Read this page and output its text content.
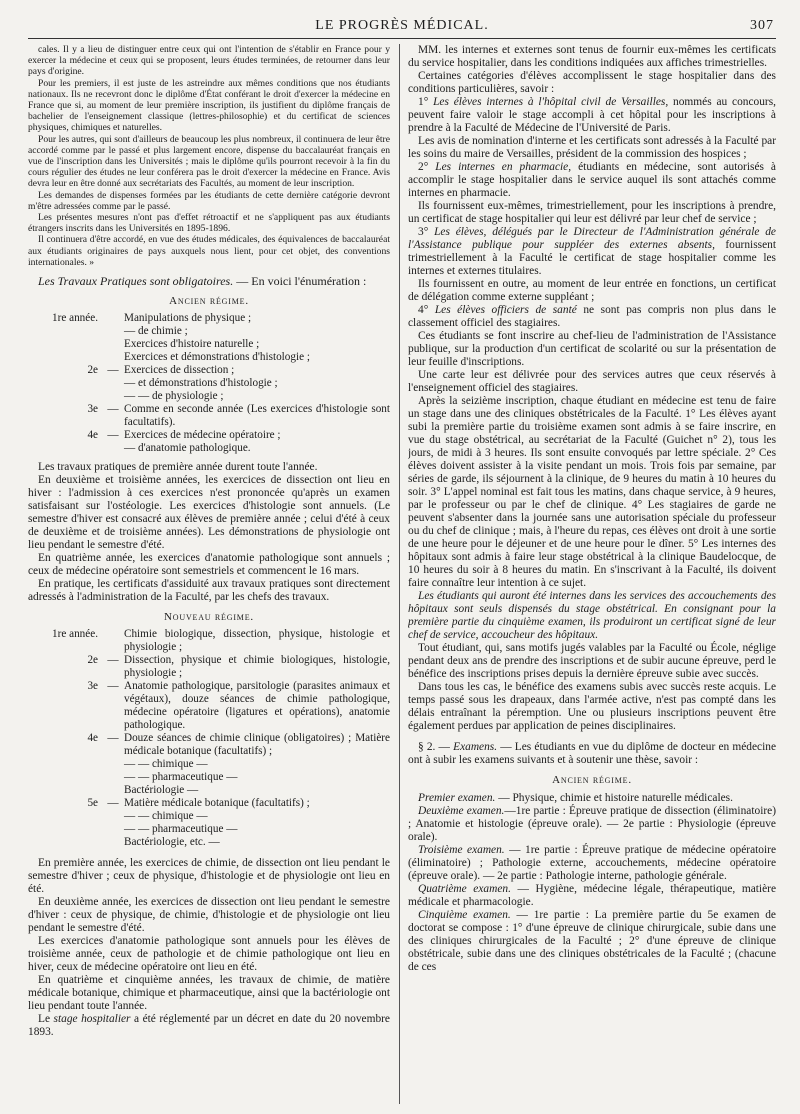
LE PROGRÈS MÉDICAL.	307

cales. Il y a lieu de distinguer entre ceux qui ont l'intention de s'établir en France pour y exercer la médecine et ceux qui se proposent, leurs études terminées, de retourner dans leur pays d'origine.

Pour les premiers, il est juste de les astreindre aux mêmes conditions que nos étudiants nationaux. Ils ne recevront donc le diplôme d'État conférant le droit d'exercer la médecine en France que si, au moment de leur première inscription, ils justifient du diplôme français de bachelier de l'enseignement classique (lettres-philosophie) et du certificat de sciences physiques, chimiques et naturelles.

Pour les autres, qui sont d'ailleurs de beaucoup les plus nombreux, il continuera de leur être accordé comme par le passé et plus largement encore, dispense du baccalauréat français en vue de l'inscription dans les Universités ; mais le diplôme qu'ils pourront recevoir à la fin du cours régulier des études ne leur conférera pas le droit d'exercer la médecine en France. Avis devra leur en être donné aux secrétariats des Facultés, au moment de leur inscription.

Les demandes de dispenses formées par les étudiants de cette dernière catégorie devront m'être adressées comme par le passé.

Les présentes mesures n'ont pas d'effet rétroactif et ne s'appliquent pas aux étudiants étrangers inscrits dans les Universités en 1895-1896.

Il continuera d'être accordé, en vue des études médicales, des équivalences de baccalauréat aux étudiants originaires de pays auxquels nous lient, pour cet objet, des conventions internationales. »

Les Travaux Pratiques sont obligatoires. — En voici l'énumération :

Ancien régime.
1re année.		Manipulations de physique ;
		— de chimie ;
		Exercices d'histoire naturelle ;
		Exercices et démonstrations d'histologie ;
2e	—	Exercices de dissection ;
		— et démonstrations d'histologie ;
		— — de physiologie ;
3e	—	Comme en seconde année (Les exercices d'histologie sont facultatifs).
4e	—	Exercices de médecine opératoire ;
		— d'anatomie pathologique.

Les travaux pratiques de première année durent toute l'année.

En deuxième et troisième années, les exercices de dissection ont lieu en hiver : l'admission à ces exercices n'est prononcée qu'après un examen satisfaisant sur l'ostéologie. Les exercices d'histologie sont annuels. (Le semestre d'hiver est consacré aux élèves de première année ; celui d'été à ceux de deuxième et de troisième années). Les démonstrations de physiologie ont lieu pendant le semestre d'été.

En quatrième année, les exercices d'anatomie pathologique sont annuels ; ceux de médecine opératoire sont semestriels et commencent le 16 mars.

En pratique, les certificats d'assiduité aux travaux pratiques sont directement adressés à l'administration de la Faculté, par les chefs des travaux.

Nouveau régime.
1re année.		Chimie biologique, dissection, physique, histologie et physiologie ;
2e	—	Dissection, physique et chimie biologiques, histologie, physiologie ;
3e	—	Anatomie pathologique, parsitologie (parasites animaux et végétaux), douze séances de chimie pathologique, médecine opératoire (ligatures et opérations), anatomie pathologique.
4e	—	Douze séances de chimie clinique (obligatoires) ; Matière médicale botanique (facultatifs) ;
		— — chimique —
		— — pharmaceutique —
		Bactériologie —
5e	—	Matière médicale botanique (facultatifs) ;
		— — chimique —
		— — pharmaceutique —
		Bactériologie, etc. —

En première année, les exercices de chimie, de dissection ont lieu pendant le semestre d'hiver ; ceux de physique, d'histologie et de physiologie ont lieu en été.

En deuxième année, les exercices de dissection ont lieu pendant le semestre d'hiver : ceux de physique, de chimie, d'histologie et de physiologie ont lieu pendant le semestre d'été.

Les exercices d'anatomie pathologique sont annuels pour les élèves de troisième année, ceux de pathologie et de chimie pathologique ont lieu en hiver, ceux de médecine opératoire ont lieu en été.

En quatrième et cinquième années, les travaux de chimie, de matière médicale botanique, chimique et pharmaceutique, ainsi que la bactériologie ont lieu pendant toute l'année.

Le stage hospitalier a été réglementé par un décret en date du 20 novembre 1893.

MM. les internes et externes sont tenus de fournir eux-mêmes les certificats du service hospitalier, dans les conditions indiquées aux affiches trimestrielles.

Certaines catégories d'élèves accomplissent le stage hospitalier dans des conditions particulières, savoir :

1° Les élèves internes à l'hôpital civil de Versailles, nommés au concours, peuvent faire valoir le stage accompli à cet hôpital pour les inscriptions à prendre à la Faculté de Médecine de l'Université de Paris.

Les avis de nomination d'interne et les certificats sont adressés à la Faculté par les soins du maire de Versailles, président de la commission des hospices ;

2° Les internes en pharmacie, étudiants en médecine, sont autorisés à accomplir le stage hospitalier dans le service auquel ils sont attachés comme internes en pharmacie.

Ils fournissent eux-mêmes, trimestriellement, pour les inscriptions à prendre, un certificat de stage hospitalier qui leur est délivré par leur chef de service ;

3° Les élèves, délégués par le Directeur de l'Administration générale de l'Assistance publique pour suppléer des externes absents, fournissent trimestriellement à la Faculté le certificat de stage hospitalier comme les internes et externes titulaires.

Ils fournissent en outre, au moment de leur entrée en fonctions, un certificat de délégation comme externe suppléant ;

4° Les élèves officiers de santé ne sont pas compris non plus dans le classement officiel des stagiaires.

Ces étudiants se font inscrire au chef-lieu de l'administration de l'Assistance publique, sur la production d'un certificat de scolarité ou sur la présentation de leur feuille d'inscriptions.

Une carte leur est délivrée pour des services autres que ceux réservés à l'enseignement officiel des stagiaires.

Après la seizième inscription, chaque étudiant en médecine est tenu de faire un stage dans une des cliniques obstétricales de la Faculté. 1° Les élèves ayant subi la première partie du troisième examen sont admis à se faire inscrire, en vue du stage obstétrical, au secrétariat de la Faculté (Guichet n° 2), tous les jours, de midi à 3 heures. Ils sont ensuite convoqués par lettre spéciale. 2° Ces élèves doivent assister à la visite pendant un mois. Trois fois par semaine, par séries de garde, ils séjournent à la clinique, de 9 heures du matin à 10 heures du soir. 3° L'appel nominal est fait tous les matins, dans chaque service, à 9 heures, par le professeur ou par le chef de clinique. 4° Les stagiaires de garde ne peuvent s'absenter dans la journée sans une autorisation spéciale du professeur ou du chef de clinique ; mais, à l'heure du repas, ces élèves ont droit à une sortie de une heure pour le déjeuner et de une heure pour le dîner. 5° Les internes des hôpitaux sont admis à faire leur stage obstétrical à la clinique Baudelocque, de 10 heures du soir à 8 heures du matin. En s'inscrivant à la Faculté, ils doivent faire connaître leur intention à ce sujet.

Les étudiants qui auront été internes dans les services des accouchements des hôpitaux sont seuls dispensés du stage obstétrical. En consignant pour la première partie du cinquième examen, ils produiront un certificat signé de leur chef de service, accoucheur des hôpitaux.

Tout étudiant, qui, sans motifs jugés valables par la Faculté ou École, néglige pendant deux ans de prendre des inscriptions et de subir aucune épreuve, perd le bénéfice des inscriptions prises depuis la dernière épreuve subie avec succès.

Dans tous les cas, le bénéfice des examens subis avec succès reste acquis. Le temps passé sous les drapeaux, dans l'armée active, n'est pas compté dans les délais entraînant la péremption. Une ou plusieurs inscriptions peuvent être également perdues par application de peines disciplinaires.

§ 2. — Examens. — Les étudiants en vue du diplôme de docteur en médecine ont à subir les examens suivants et à soutenir une thèse, savoir :

Ancien régime.

Premier examen. — Physique, chimie et histoire naturelle médicales.

Deuxième examen.—1re partie : Épreuve pratique de dissection (éliminatoire) ; Anatomie et histologie (épreuve orale). — 2e partie : Physiologie (épreuve orale).

Troisième examen. — 1re partie : Épreuve pratique de médecine opératoire (éliminatoire) ; Pathologie externe, accouchements, médecine opératoire (épreuve orale). — 2e partie : Pathologie interne, pathologie générale.

Quatrième examen. — Hygiène, médecine légale, thérapeutique, matière médicale et pharmacologie.

Cinquième examen. — 1re partie : La première partie du 5e examen de doctorat se compose : 1° d'une épreuve de clinique chirurgicale, subie dans une des cliniques chirurgicales de la Faculté ; 2° d'une épreuve de clinique obstétricale, subie dans une des cliniques obstétricales de la Faculté ; (chacune de ces
